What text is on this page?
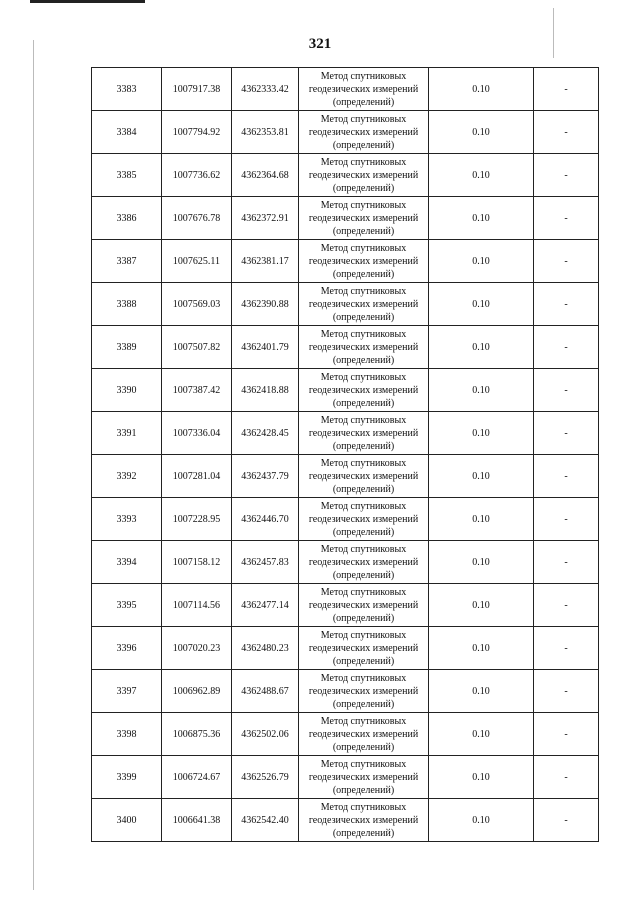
321
3383	1007917.38	4362333.42	Метод спутниковых
геодезических измерений
(определений)	0.10	-
3384	1007794.92	4362353.81	Метод спутниковых
геодезических измерений
(определений)	0.10	-
3385	1007736.62	4362364.68	Метод спутниковых
геодезических измерений
(определений)	0.10	-
3386	1007676.78	4362372.91	Метод спутниковых
геодезических измерений
(определений)	0.10	-
3387	1007625.11	4362381.17	Метод спутниковых
геодезических измерений
(определений)	0.10	-
3388	1007569.03	4362390.88	Метод спутниковых
геодезических измерений
(определений)	0.10	-
3389	1007507.82	4362401.79	Метод спутниковых
геодезических измерений
(определений)	0.10	-
3390	1007387.42	4362418.88	Метод спутниковых
геодезических измерений
(определений)	0.10	-
3391	1007336.04	4362428.45	Метод спутниковых
геодезических измерений
(определений)	0.10	-
3392	1007281.04	4362437.79	Метод спутниковых
геодезических измерений
(определений)	0.10	-
3393	1007228.95	4362446.70	Метод спутниковых
геодезических измерений
(определений)	0.10	-
3394	1007158.12	4362457.83	Метод спутниковых
геодезических измерений
(определений)	0.10	-
3395	1007114.56	4362477.14	Метод спутниковых
геодезических измерений
(определений)	0.10	-
3396	1007020.23	4362480.23	Метод спутниковых
геодезических измерений
(определений)	0.10	-
3397	1006962.89	4362488.67	Метод спутниковых
геодезических измерений
(определений)	0.10	-
3398	1006875.36	4362502.06	Метод спутниковых
геодезических измерений
(определений)	0.10	-
3399	1006724.67	4362526.79	Метод спутниковых
геодезических измерений
(определений)	0.10	-
3400	1006641.38	4362542.40	Метод спутниковых
геодезических измерений
(определений)	0.10	-
